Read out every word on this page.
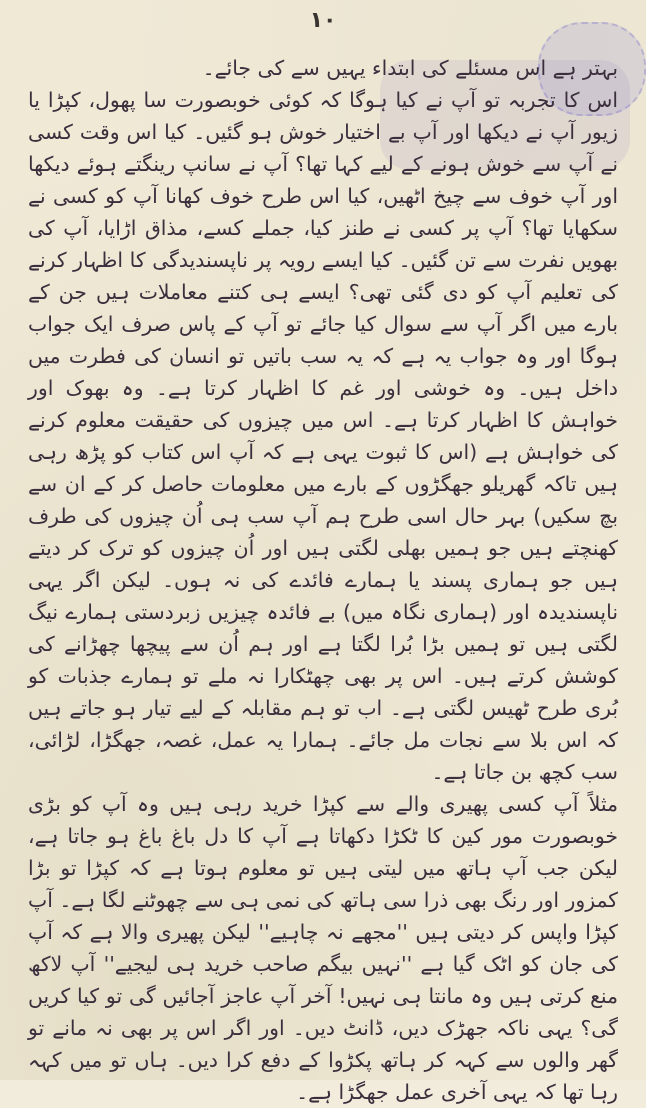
۱۰

بہتر ہے اس مسئلے کی ابتداء یہیں سے کی جائے۔

اس کا تجربہ تو آپ نے کیا ہوگا کہ کوئی خوبصورت سا پھول، کپڑا یا زیور آپ نے دیکھا اور آپ بے اختیار خوش ہو گئیں۔ کیا اس وقت کسی نے آپ سے خوش ہونے کے لیے کہا تھا؟ آپ نے سانپ رینگتے ہوئے دیکھا اور آپ خوف سے چیخ اٹھیں، کیا اس طرح خوف کھانا آپ کو کسی نے سکھایا تھا؟ آپ پر کسی نے طنز کیا، جملے کسے، مذاق اڑایا، آپ کی بھویں نفرت سے تن گئیں۔ کیا ایسے رویہ پر ناپسندیدگی کا اظہار کرنے کی تعلیم آپ کو دی گئی تھی؟ ایسے ہی کتنے معاملات ہیں جن کے بارے میں اگر آپ سے سوال کیا جائے تو آپ کے پاس صرف ایک جواب ہوگا اور وہ جواب یہ ہے کہ یہ سب باتیں تو انسان کی فطرت میں داخل ہیں۔ وہ خوشی اور غم کا اظہار کرتا ہے۔ وہ بھوک اور خواہش کا اظہار کرتا ہے۔ اس میں چیزوں کی حقیقت معلوم کرنے کی خواہش ہے (اس کا ثبوت یہی ہے کہ آپ اس کتاب کو پڑھ رہی ہیں تاکہ گھریلو جھگڑوں کے بارے میں معلومات حاصل کر کے ان سے بچ سکیں) بہر حال اسی طرح ہم آپ سب ہی اُن چیزوں کی طرف کھنچتے ہیں جو ہمیں بھلی لگتی ہیں اور اُن چیزوں کو ترک کر دیتے ہیں جو ہماری پسند یا ہمارے فائدے کی نہ ہوں۔ لیکن اگر یہی ناپسندیدہ اور (ہماری نگاہ میں) بے فائدہ چیزیں زبردستی ہمارے نیگ لگتی ہیں تو ہمیں بڑا بُرا لگتا ہے اور ہم اُن سے پیچھا چھڑانے کی کوشش کرتے ہیں۔ اس پر بھی چھٹکارا نہ ملے تو ہمارے جذبات کو بُری طرح ٹھیس لگتی ہے۔ اب تو ہم مقابلہ کے لیے تیار ہو جاتے ہیں کہ اس بلا سے نجات مل جائے۔ ہمارا یہ عمل، غصہ، جھگڑا، لڑائی، سب کچھ بن جاتا ہے۔

مثلاً آپ کسی پھیری والے سے کپڑا خرید رہی ہیں وہ آپ کو بڑی خوبصورت مور کین کا ٹکڑا دکھاتا ہے آپ کا دل باغ باغ ہو جاتا ہے، لیکن جب آپ ہاتھ میں لیتی ہیں تو معلوم ہوتا ہے کہ کپڑا تو بڑا کمزور اور رنگ بھی ذرا سی ہاتھ کی نمی ہی سے چھوٹنے لگا ہے۔ آپ کپڑا واپس کر دیتی ہیں ''مجھے نہ چاہیے'' لیکن پھیری والا ہے کہ آپ کی جان کو اٹک گیا ہے ''نہیں بیگم صاحب خرید ہی لیجیے'' آپ لاکھ منع کرتی ہیں وہ مانتا ہی نہیں! آخر آپ عاجز آجائیں گی تو کیا کریں گی؟ یہی ناکہ جھڑک دیں، ڈانٹ دیں۔ اور اگر اس پر بھی نہ مانے تو گھر والوں سے کہہ کر ہاتھ پکڑوا کے دفع کرا دیں۔ ہاں تو میں کہہ رہا تھا کہ یہی آخری عمل جھگڑا ہے۔
